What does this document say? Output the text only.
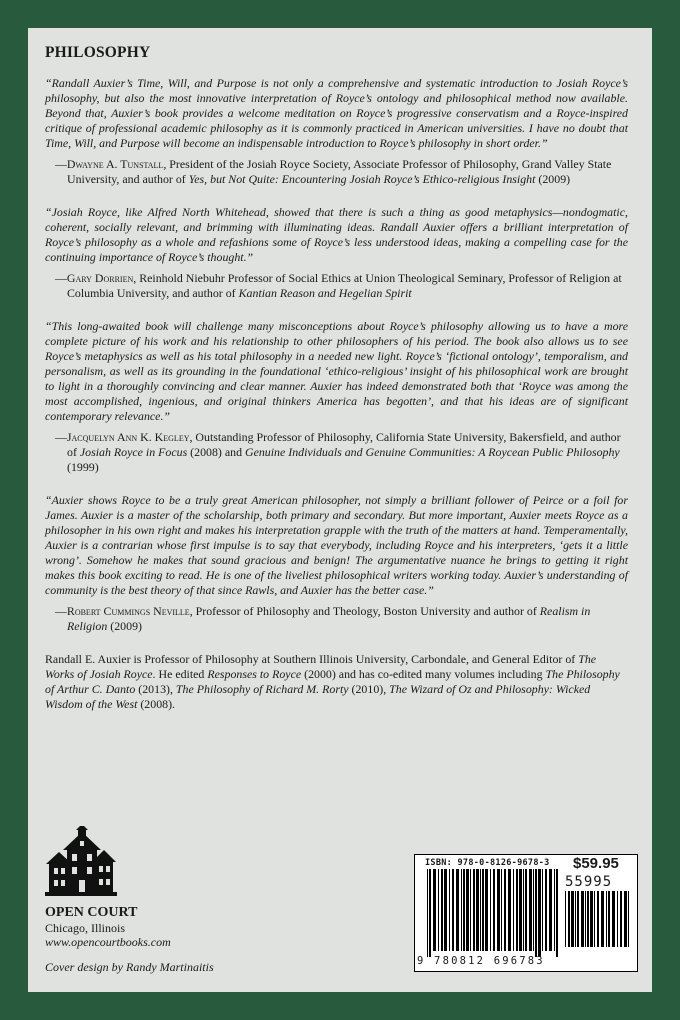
PHILOSOPHY

“Randall Auxier’s Time, Will, and Purpose is not only a comprehensive and systematic introduction to Josiah Royce’s philosophy, but also the most innovative interpretation of Royce’s ontology and philosophical method now available. Beyond that, Auxier’s book provides a welcome meditation on Royce’s progressive conservatism and a Royce-inspired critique of professional academic philosophy as it is commonly practiced in American universities. I have no doubt that Time, Will, and Purpose will become an indispensable introduction to Royce’s philosophy in short order.”

—Dwayne A. Tunstall, President of the Josiah Royce Society, Associate Professor of Philosophy, Grand Valley State University, and author of Yes, but Not Quite: Encountering Josiah Royce’s Ethico-religious Insight (2009)

“Josiah Royce, like Alfred North Whitehead, showed that there is such a thing as good metaphysics—nondogmatic, coherent, socially relevant, and brimming with illuminating ideas. Randall Auxier offers a brilliant interpretation of Royce’s philosophy as a whole and refashions some of Royce’s less understood ideas, making a compelling case for the continuing importance of Royce’s thought.”

—Gary Dorrien, Reinhold Niebuhr Professor of Social Ethics at Union Theological Seminary, Professor of Religion at Columbia University, and author of Kantian Reason and Hegelian Spirit

“This long-awaited book will challenge many misconceptions about Royce’s philosophy allowing us to have a more complete picture of his work and his relationship to other philosophers of his period. The book also allows us to see Royce’s metaphysics as well as his total philosophy in a needed new light. Royce’s ‘fictional ontology’, temporalism, and personalism, as well as its grounding in the foundational ‘ethico-religious’ insight of his philosophical work are brought to light in a thoroughly convincing and clear manner. Auxier has indeed demonstrated both that ‘Royce was among the most accomplished, ingenious, and original thinkers America has begotten’, and that his ideas are of significant contemporary relevance.”

—Jacquelyn Ann K. Kegley, Outstanding Professor of Philosophy, California State University, Bakersfield, and author of Josiah Royce in Focus (2008) and Genuine Individuals and Genuine Communities: A Roycean Public Philosophy (1999)

“Auxier shows Royce to be a truly great American philosopher, not simply a brilliant follower of Peirce or a foil for James. Auxier is a master of the scholarship, both primary and secondary. But more important, Auxier meets Royce as a philosopher in his own right and makes his interpretation grapple with the truth of the matters at hand. Temperamentally, Auxier is a contrarian whose first impulse is to say that everybody, including Royce and his interpreters, ‘gets it a little wrong’. Somehow he makes that sound gracious and benign! The argumentative nuance he brings to getting it right makes this book exciting to read. He is one of the liveliest philosophical writers working today. Auxier’s understanding of community is the best theory of that since Rawls, and Auxier has the better case.”

—Robert Cummings Neville, Professor of Philosophy and Theology, Boston University and author of Realism in Religion (2009)

Randall E. Auxier is Professor of Philosophy at Southern Illinois University, Carbondale, and General Editor of The Works of Josiah Royce. He edited Responses to Royce (2000) and has co-edited many volumes including The Philosophy of Arthur C. Danto (2013), The Philosophy of Richard M. Rorty (2010), The Wizard of Oz and Philosophy: Wicked Wisdom of the West (2008).

OPEN COURT
Chicago, Illinois
www.opencourtbooks.com
Cover design by Randy Martinaitis
ISBN: 978-0-8126-9678-3 $59.95
55995
9 780812 696783
